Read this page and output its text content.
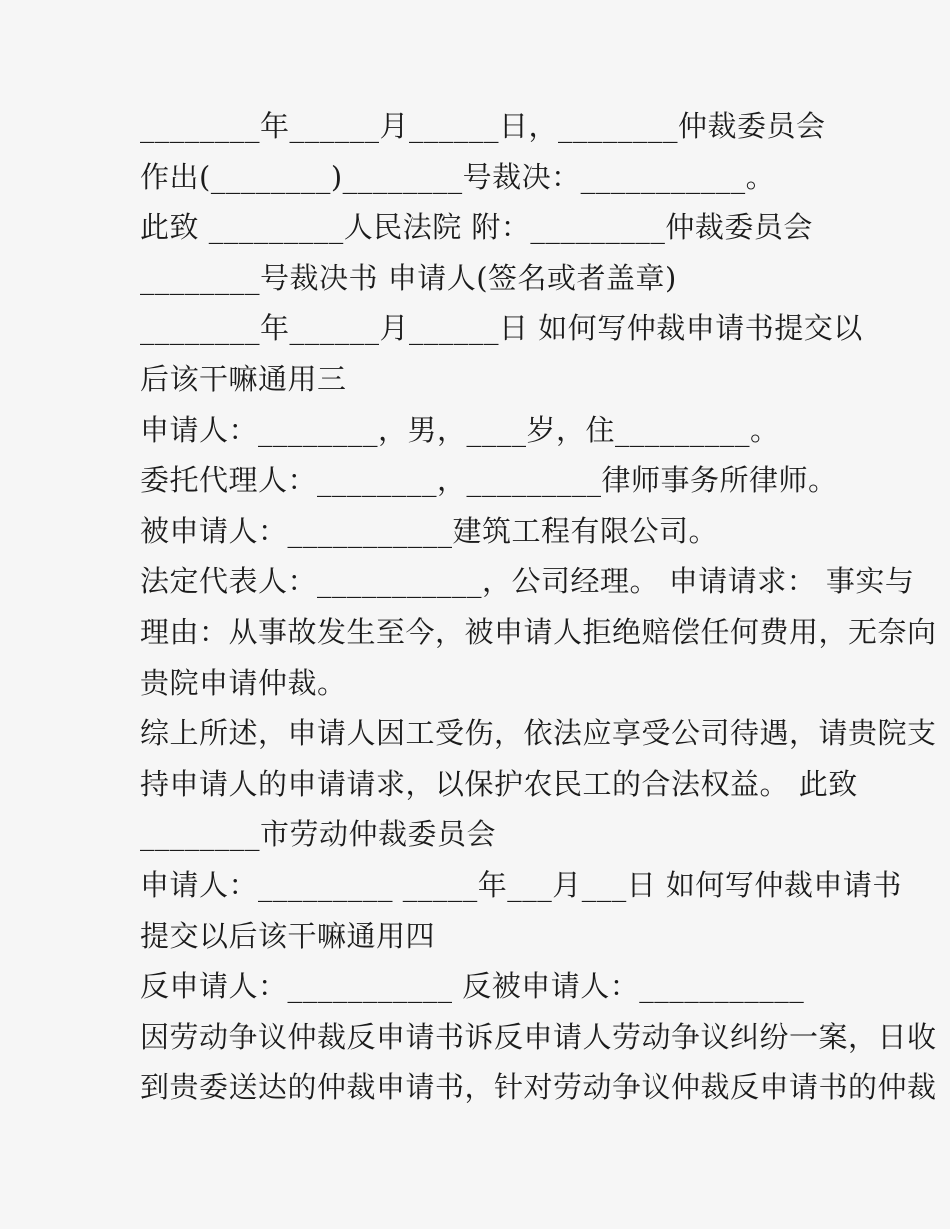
________年______月______日，________仲裁委员会

作出(________)________号裁决：___________。

此致 _________人民法院 附：_________仲裁委员会

________号裁决书 申请人(签名或者盖章)

________年______月______日 如何写仲裁申请书提交以

后该干嘛通用三

申请人：________，男，____岁，住_________。

委托代理人：________，_________律师事务所律师。

被申请人：___________建筑工程有限公司。

法定代表人：___________，公司经理。 申请请求： 事实与

理由：从事故发生至今，被申请人拒绝赔偿任何费用，无奈向

贵院申请仲裁。

综上所述，申请人因工受伤，依法应享受公司待遇，请贵院支

持申请人的申请请求，以保护农民工的合法权益。 此致

________市劳动仲裁委员会

申请人：_________ _____年___月___日 如何写仲裁申请书

提交以后该干嘛通用四

反申请人：___________ 反被申请人：___________

因劳动争议仲裁反申请书诉反申请人劳动争议纠纷一案，日收

到贵委送达的仲裁申请书，针对劳动争议仲裁反申请书的仲裁
